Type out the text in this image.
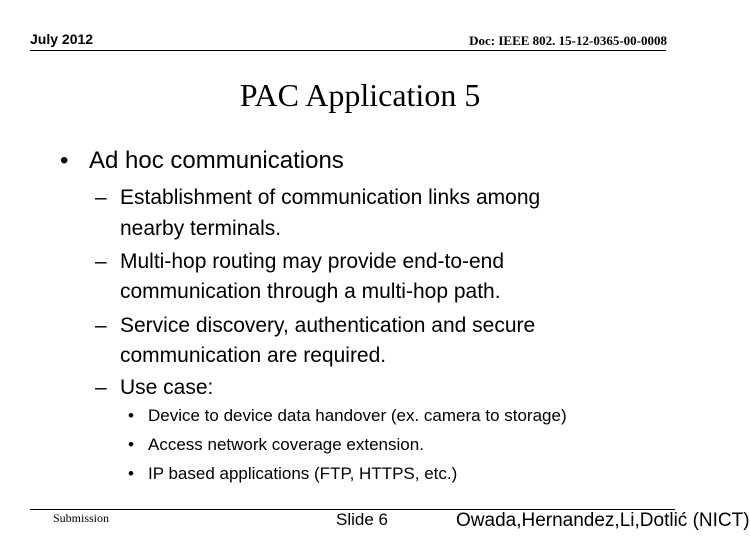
July 2012	Doc: IEEE 802. 15-12-0365-00-0008
PAC Application 5
• Ad hoc communications
– Establishment of communication links among
nearby terminals.
– Multi-hop routing may provide end-to-end
communication through a multi-hop path.
– Service discovery, authentication and secure
communication are required.
– Use case:
• Device to device data handover (ex. camera to storage)
• Access network coverage extension.
• IP based applications (FTP, HTTPS, etc.)
Submission	Slide 6	Owada,Hernandez,Li,Dotlić (NICT)
